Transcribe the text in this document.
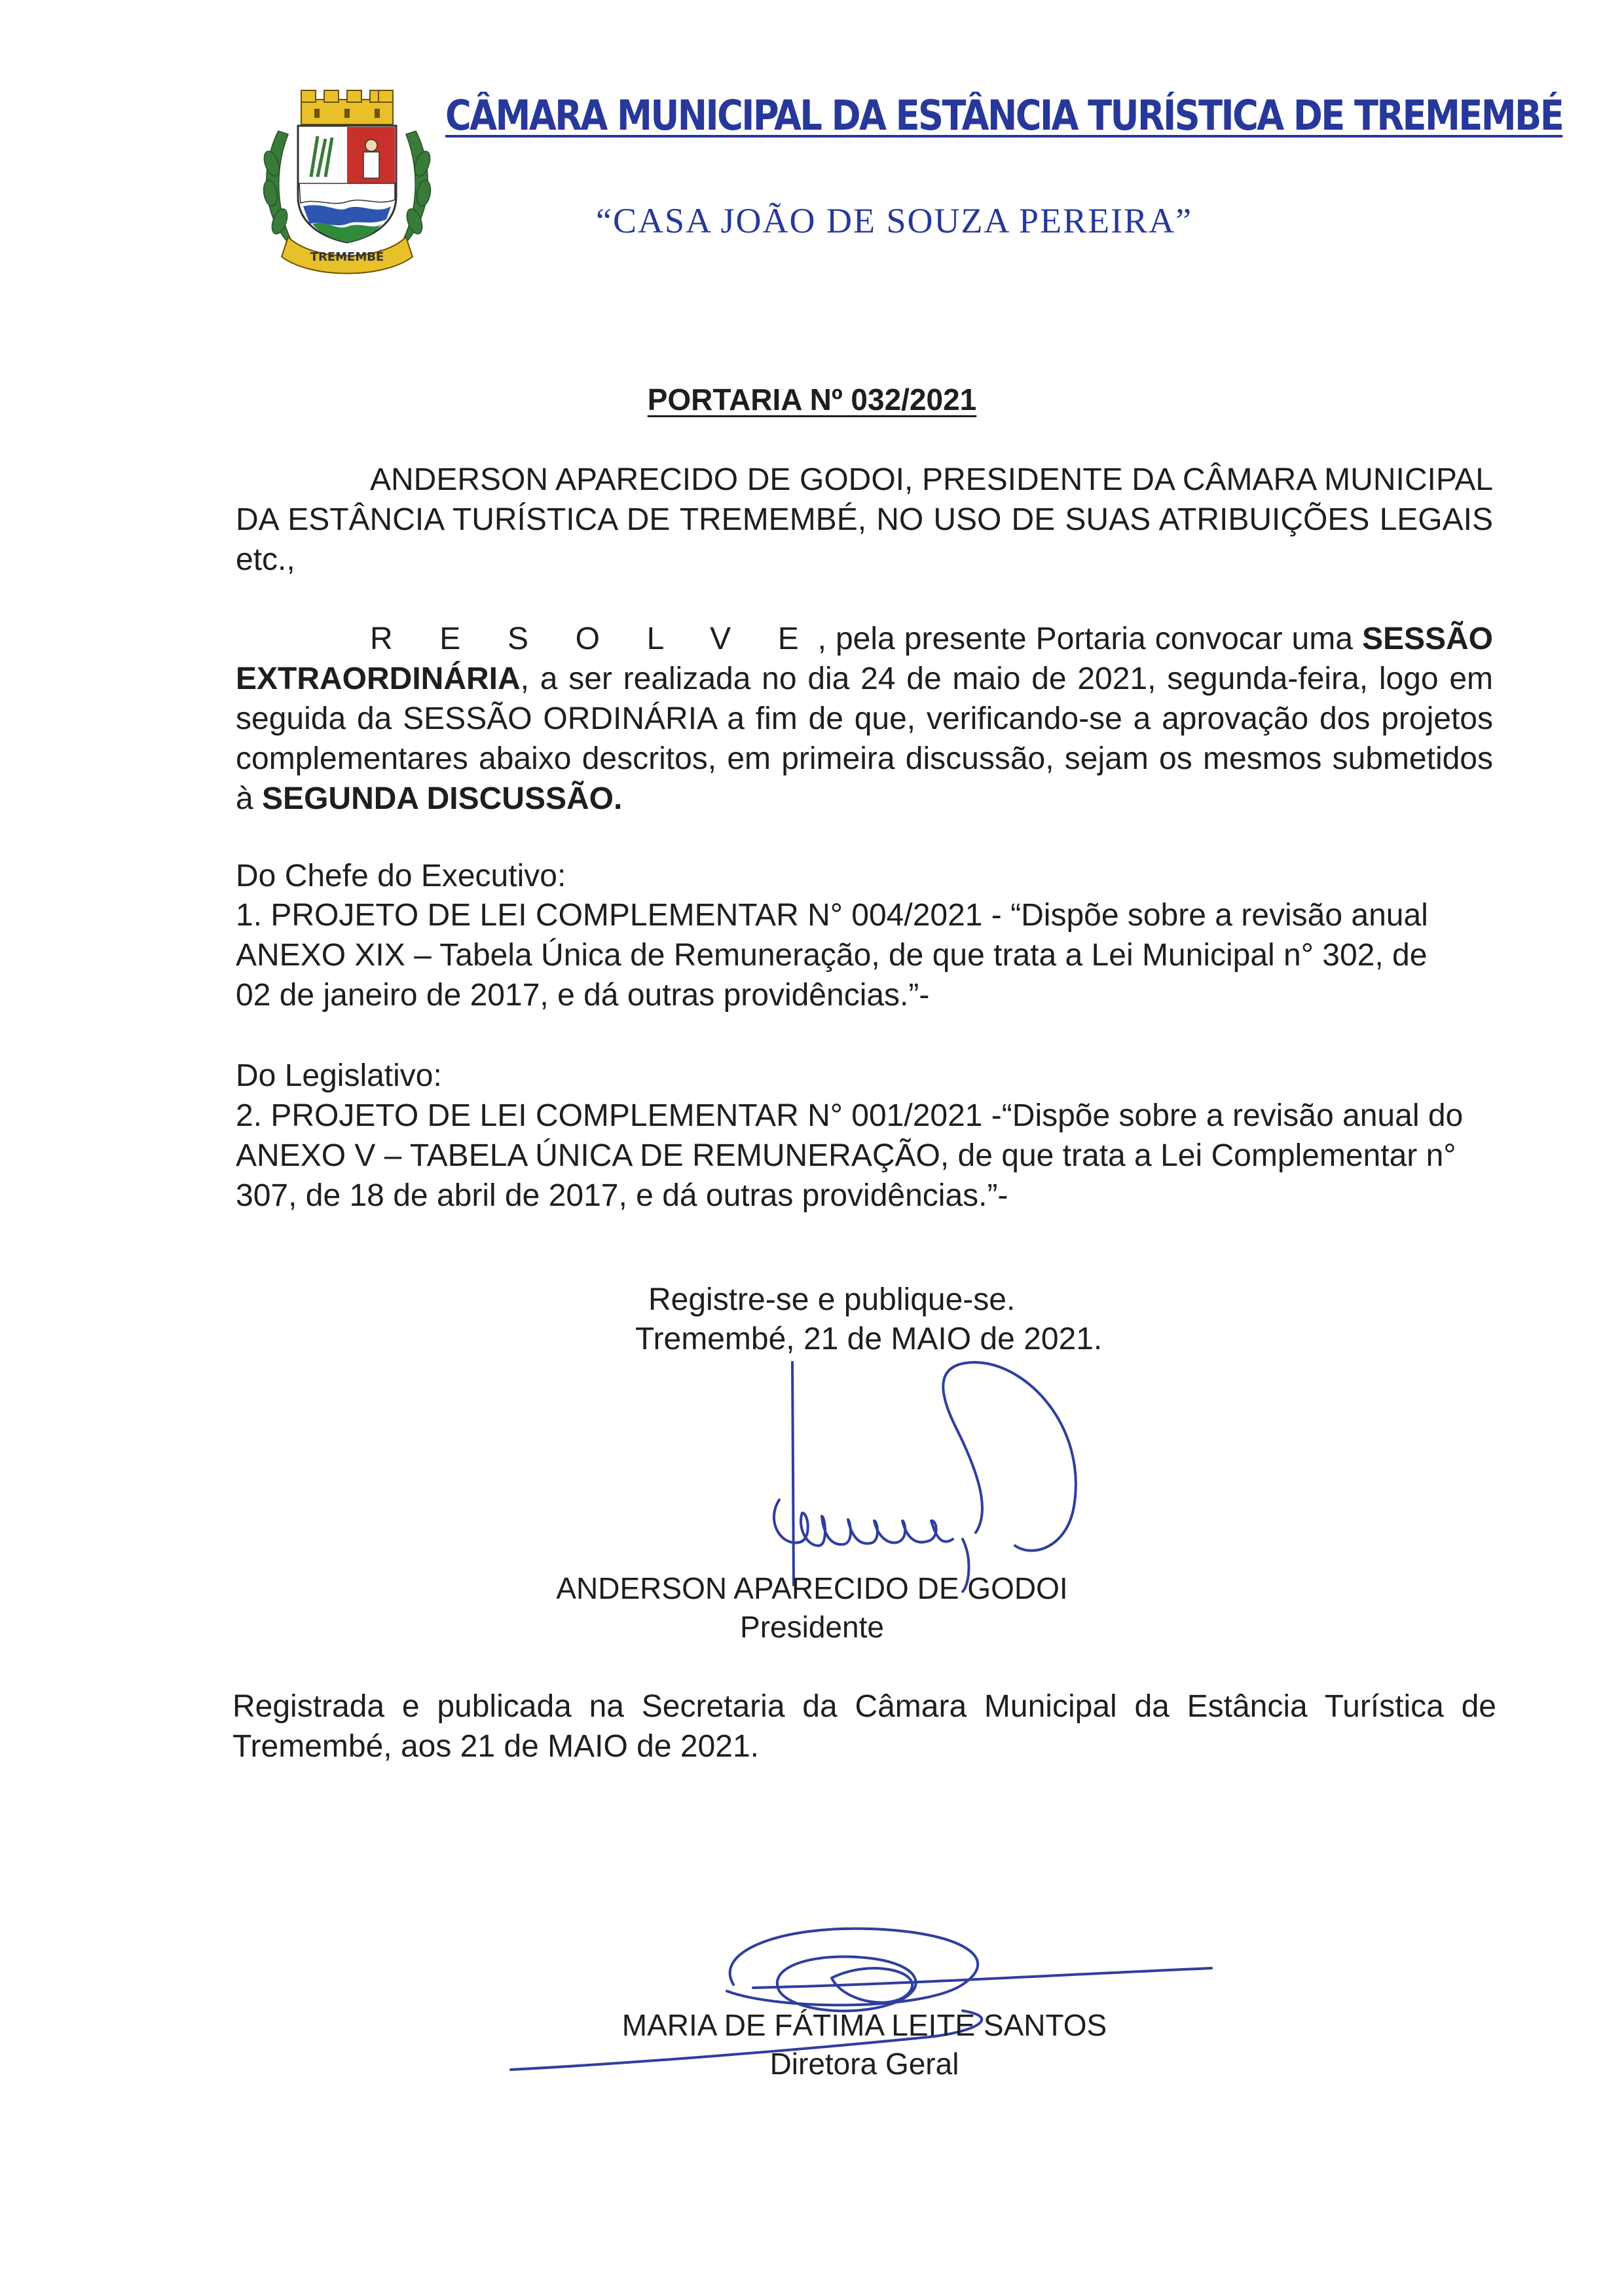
TREMEMBÉ
CÂMARA MUNICIPAL DA ESTÂNCIA TURÍSTICA DE TREMEMBÉ
“CASA JOÃO DE SOUZA PEREIRA”
PORTARIA Nº 032/2021
ANDERSON APARECIDO DE GODOI, PRESIDENTE DA CÂMARA MUNICIPAL DA ESTÂNCIA TURÍSTICA DE TREMEMBÉ, NO USO DE SUAS ATRIBUIÇÕES LEGAIS etc.,
R E S O L V E, pela presente Portaria convocar uma SESSÃO EXTRAORDINÁRIA, a ser realizada no dia 24 de maio de 2021, segunda-feira, logo em seguida da SESSÃO ORDINÁRIA a fim de que, verificando-se a aprovação dos projetos complementares abaixo descritos, em primeira discussão, sejam os mesmos submetidos à SEGUNDA DISCUSSÃO.
Do Chefe do Executivo:
1. PROJETO DE LEI COMPLEMENTAR N° 004/2021 - “Dispõe sobre a revisão anual
ANEXO XIX – Tabela Única de Remuneração, de que trata a Lei Municipal n° 302, de
02 de janeiro de 2017, e dá outras providências.”-
Do Legislativo:
2. PROJETO DE LEI COMPLEMENTAR N° 001/2021 -“Dispõe sobre a revisão anual do
ANEXO V – TABELA ÚNICA DE REMUNERAÇÃO, de que trata a Lei Complementar n°
307, de 18 de abril de 2017, e dá outras providências.”-
Registre-se e publique-se.
Tremembé, 21 de MAIO de 2021.
ANDERSON APARECIDO DE GODOI
Presidente
Registrada e publicada na Secretaria da Câmara Municipal da Estância Turística de Tremembé, aos 21 de MAIO de 2021.
MARIA DE FÁTIMA LEITE SANTOS
Diretora Geral
